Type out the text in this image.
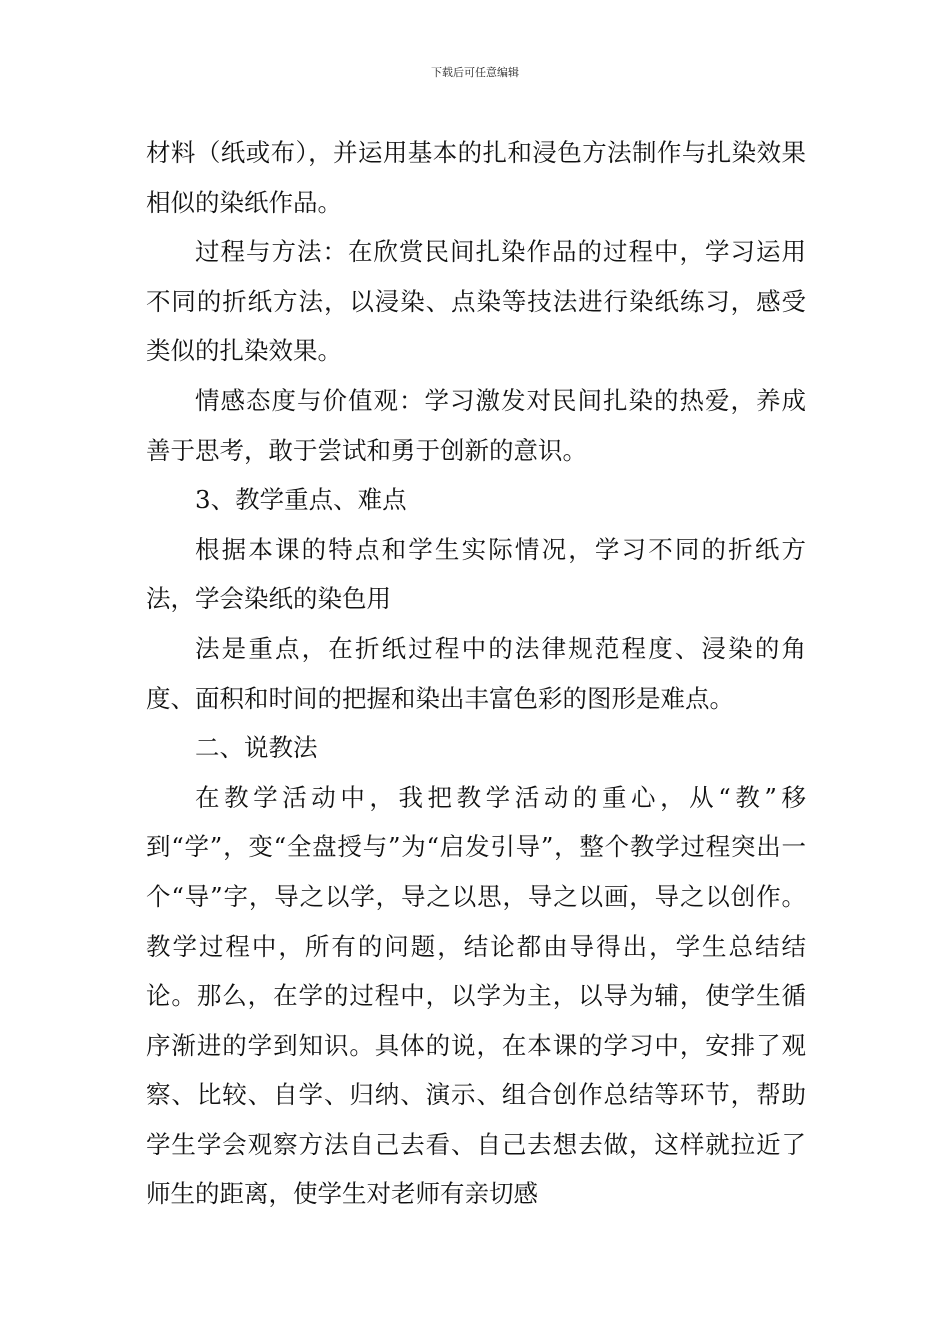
下载后可任意编辑

材料（纸或布），并运用基本的扎和浸色方法制作与扎染效果相似的染纸作品。

过程与方法：在欣赏民间扎染作品的过程中，学习运用不同的折纸方法，以浸染、点染等技法进行染纸练习，感受类似的扎染效果。

情感态度与价值观：学习激发对民间扎染的热爱，养成善于思考，敢于尝试和勇于创新的意识。

3、教学重点、难点

根据本课的特点和学生实际情况，学习不同的折纸方法，学会染纸的染色用

法是重点，在折纸过程中的法律规范程度、浸染的角度、面积和时间的把握和染出丰富色彩的图形是难点。

二、说教法

在教学活动中，我把教学活动的重心，从“教”移到“学”，变“全盘授与”为“启发引导”，整个教学过程突出一个“导”字，导之以学，导之以思，导之以画，导之以创作。教学过程中，所有的问题，结论都由导得出，学生总结结论。那么，在学的过程中，以学为主，以导为辅，使学生循序渐进的学到知识。具体的说，在本课的学习中，安排了观察、比较、自学、归纳、演示、组合创作总结等环节，帮助学生学会观察方法自己去看、自己去想去做，这样就拉近了师生的距离，使学生对老师有亲切感
